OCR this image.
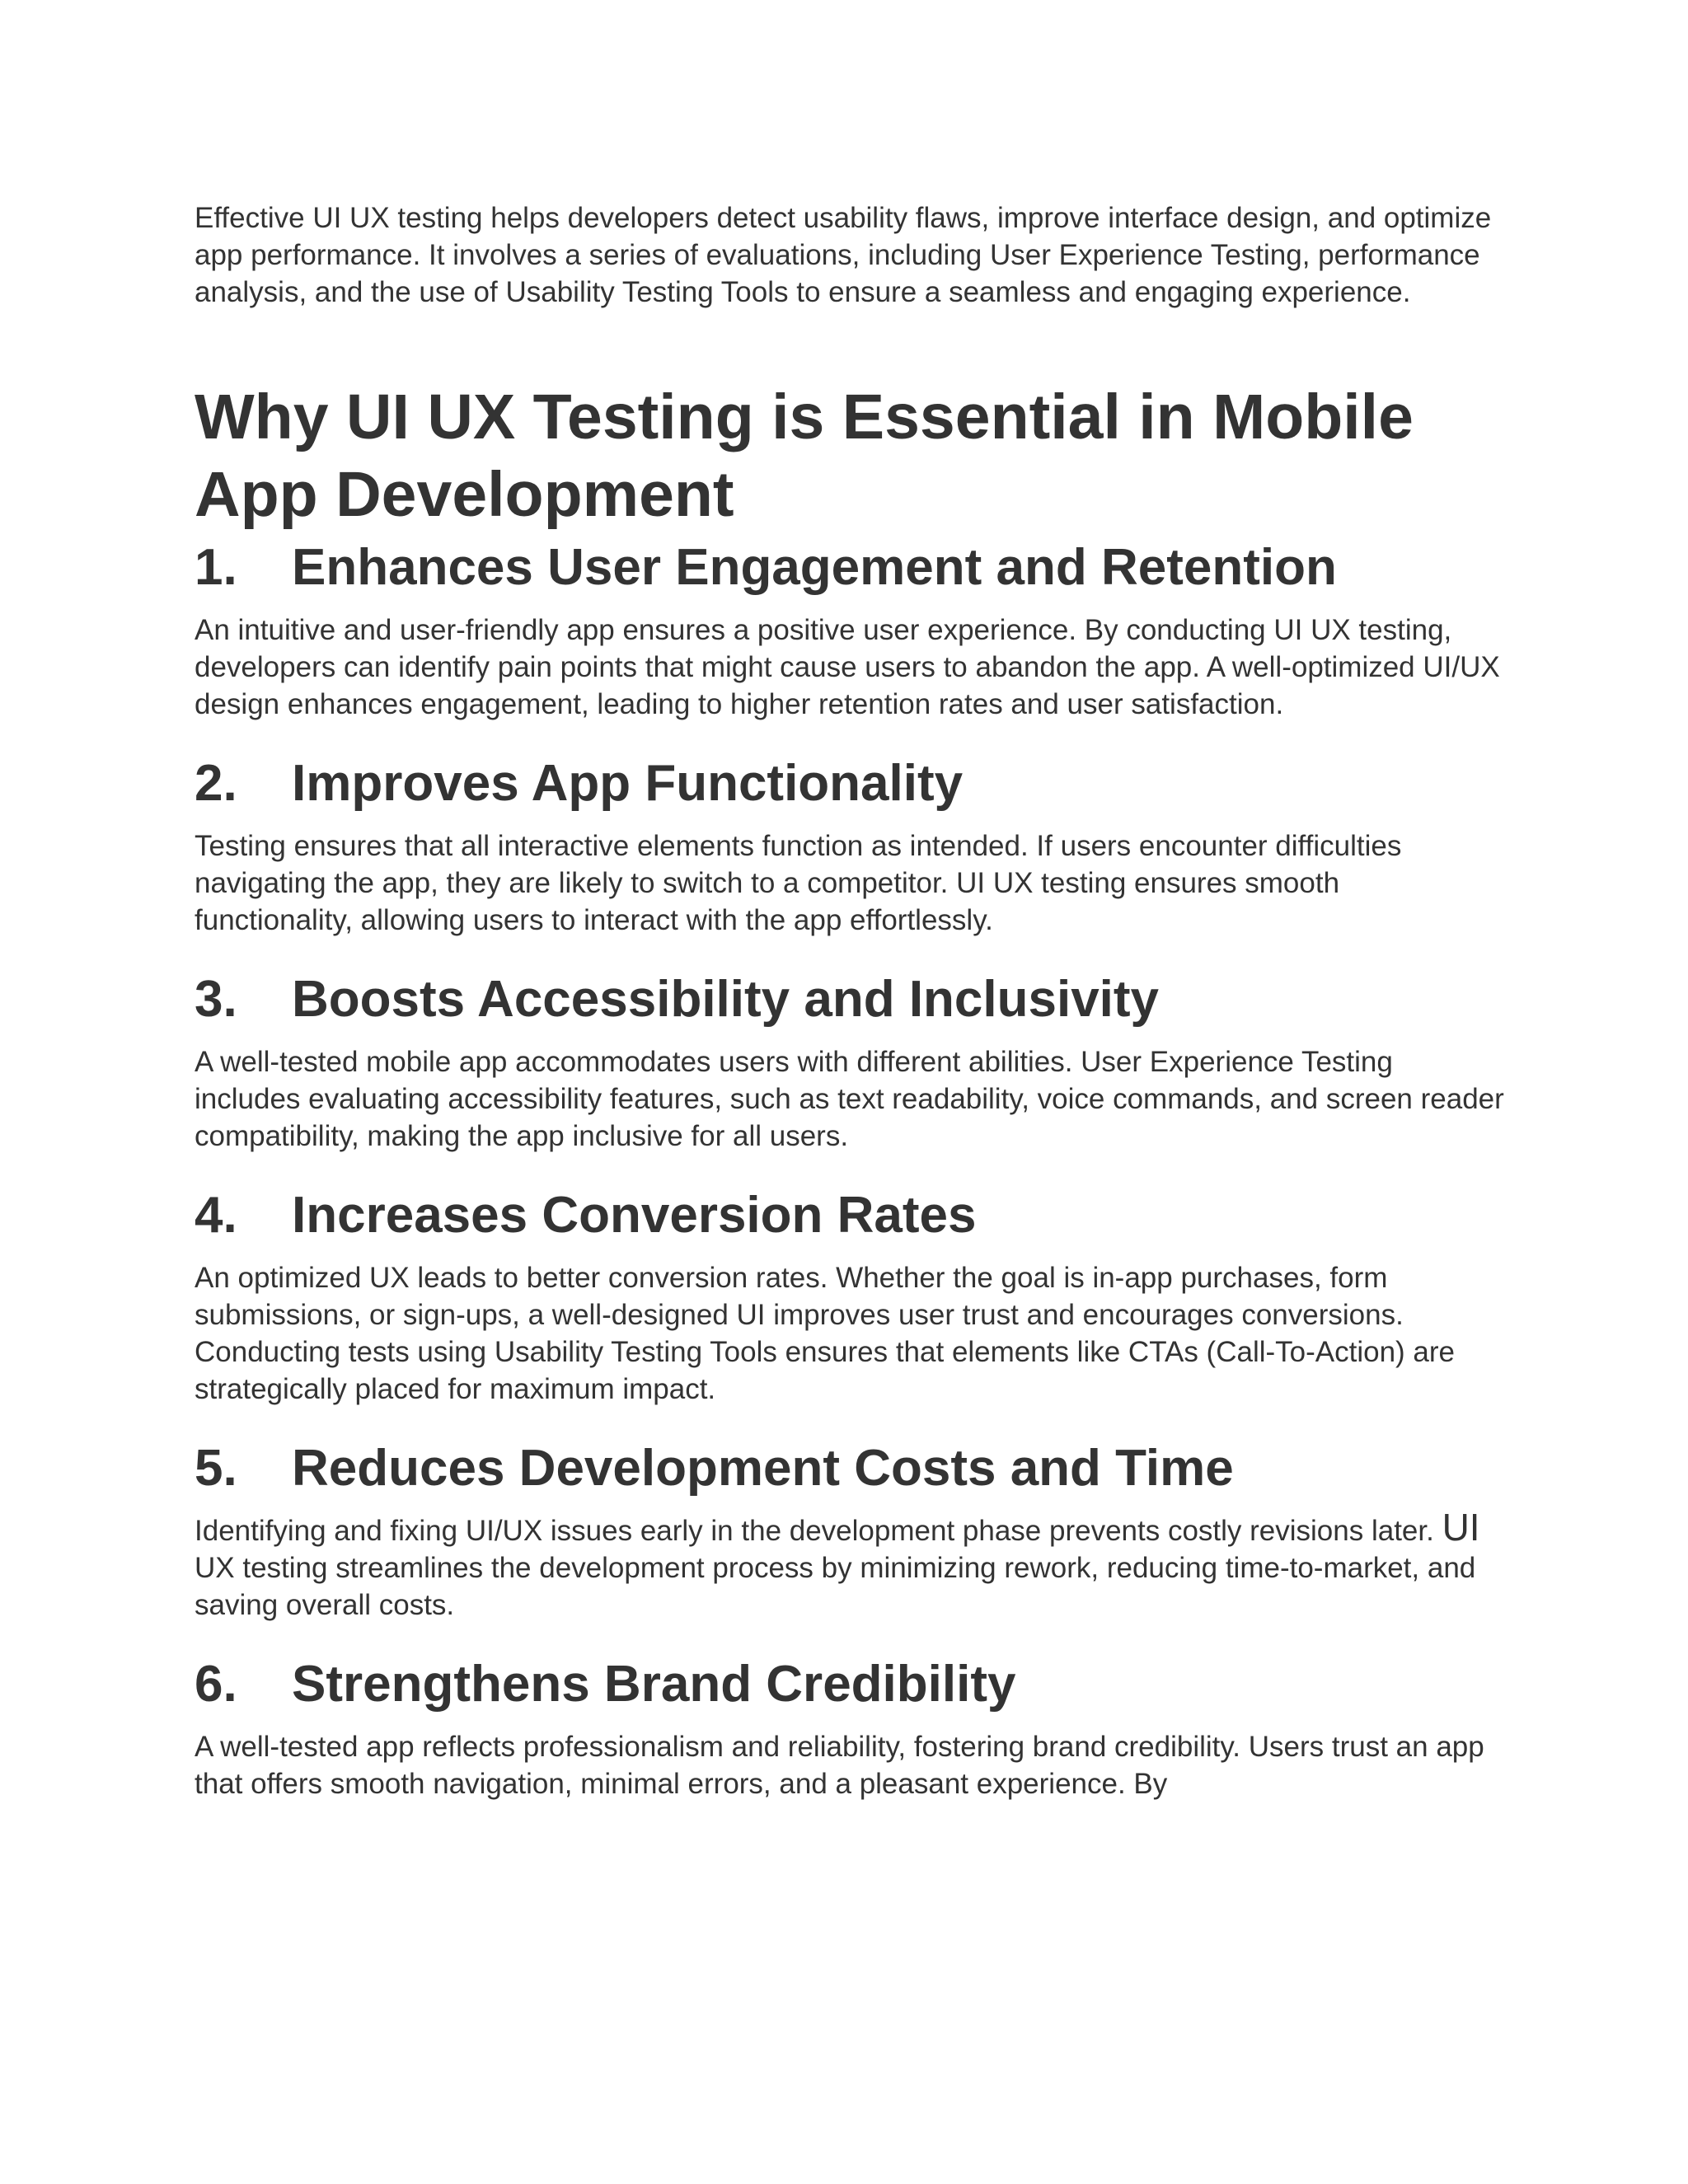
Effective UI UX testing helps developers detect usability flaws, improve interface design, and optimize app performance. It involves a series of evaluations, including User Experience Testing, performance analysis, and the use of Usability Testing Tools to ensure a seamless and engaging experience.

Why UI UX Testing is Essential in Mobile App Development
1.	Enhances User Engagement and Retention

An intuitive and user-friendly app ensures a positive user experience. By conducting UI UX testing, developers can identify pain points that might cause users to abandon the app. A well-optimized UI/UX design enhances engagement, leading to higher retention rates and user satisfaction.

2.	Improves App Functionality

Testing ensures that all interactive elements function as intended. If users encounter difficulties navigating the app, they are likely to switch to a competitor. UI UX testing ensures smooth functionality, allowing users to interact with the app effortlessly.

3.	Boosts Accessibility and Inclusivity

A well-tested mobile app accommodates users with different abilities. User Experience Testing includes evaluating accessibility features, such as text readability, voice commands, and screen reader compatibility, making the app inclusive for all users.

4.	Increases Conversion Rates

An optimized UX leads to better conversion rates. Whether the goal is in-app purchases, form submissions, or sign-ups, a well-designed UI improves user trust and encourages conversions. Conducting tests using Usability Testing Tools ensures that elements like CTAs (Call-To-Action) are strategically placed for maximum impact.

5.	Reduces Development Costs and Time

Identifying and fixing UI/UX issues early in the development phase prevents costly revisions later. UI UX testing streamlines the development process by minimizing rework, reducing time-to-market, and saving overall costs.

6.	Strengthens Brand Credibility

A well-tested app reflects professionalism and reliability, fostering brand credibility. Users trust an app that offers smooth navigation, minimal errors, and a pleasant experience. By
